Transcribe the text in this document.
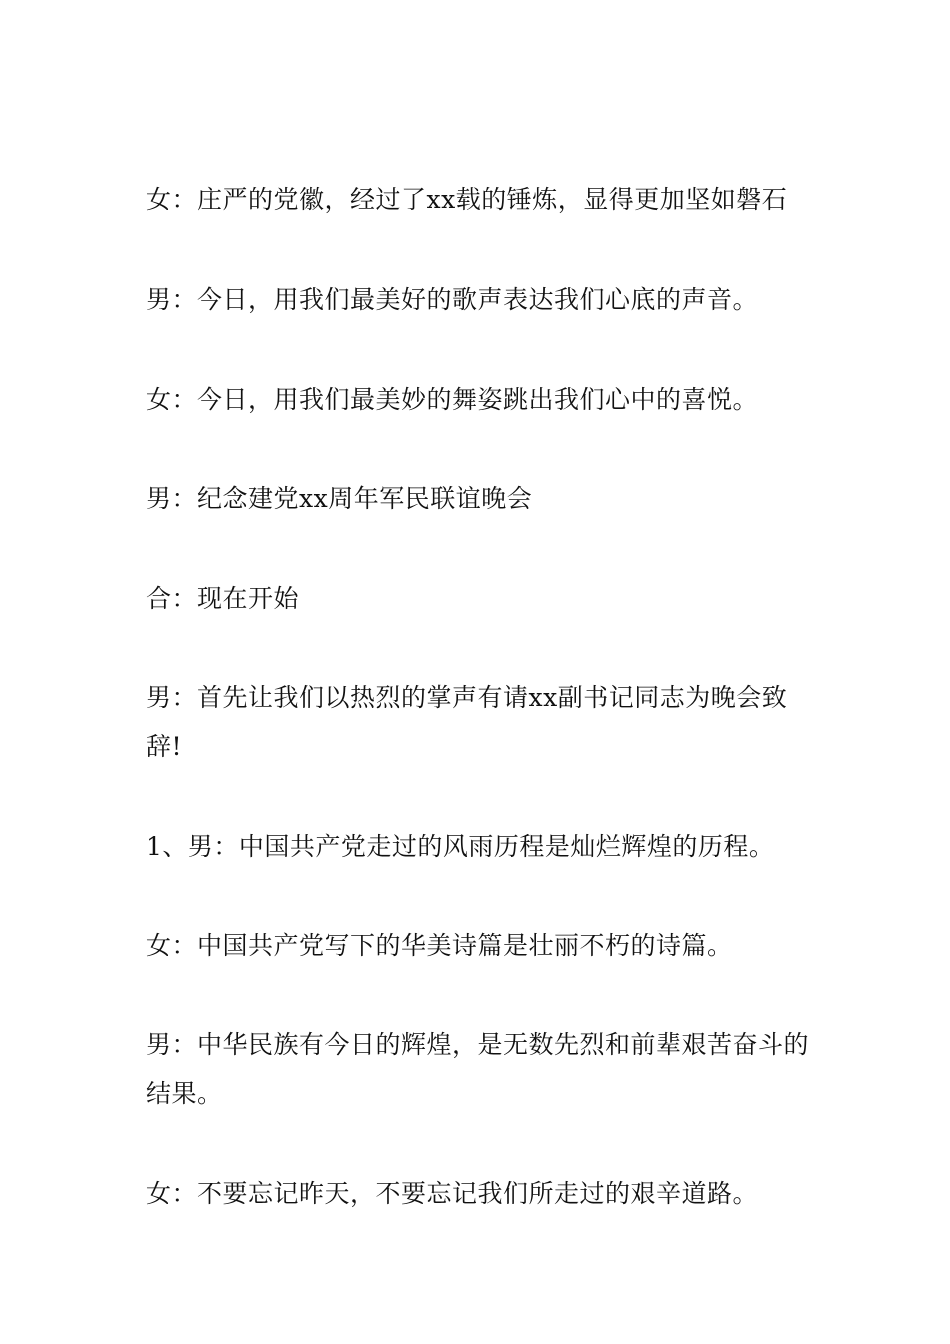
女：庄严的党徽，经过了xx载的锤炼，显得更加坚如磐石

男：今日，用我们最美好的歌声表达我们心底的声音。

女：今日，用我们最美妙的舞姿跳出我们心中的喜悦。

男：纪念建党xx周年军民联谊晚会

合：现在开始

男：首先让我们以热烈的掌声有请xx副书记同志为晚会致辞!

1、男：中国共产党走过的风雨历程是灿烂辉煌的历程。

女：中国共产党写下的华美诗篇是壮丽不朽的诗篇。

男：中华民族有今日的辉煌，是无数先烈和前辈艰苦奋斗的结果。

女：不要忘记昨天，不要忘记我们所走过的艰辛道路。
